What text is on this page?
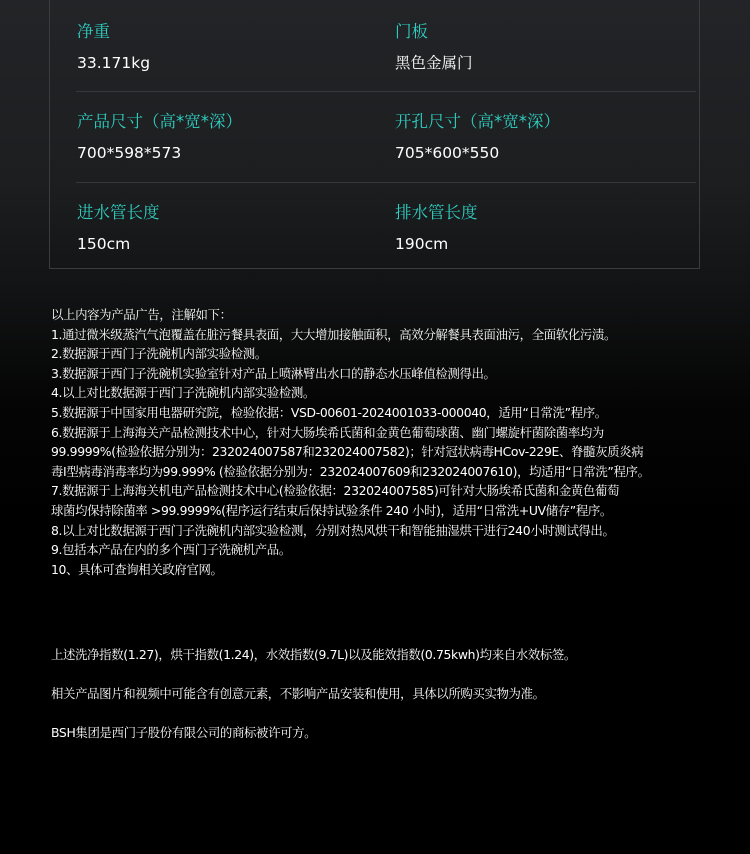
净重
33.171kg
门板
黑色金属门
产品尺寸（高*宽*深）
700*598*573
开孔尺寸（高*宽*深）
705*600*550
进水管长度
150cm
排水管长度
190cm
以上内容为产品广告，注解如下：
1.通过微米级蒸汽气泡覆盖在脏污餐具表面，大大增加接触面积，高效分解餐具表面油污，全面软化污渍。
2.数据源于西门子洗碗机内部实验检测。
3.数据源于西门子洗碗机实验室针对产品上喷淋臂出水口的静态水压峰值检测得出。
4.以上对比数据源于西门子洗碗机内部实验检测。
5.数据源于中国家用电器研究院，检验依据：VSD-00601-2024001033-000040，适用“日常洗”程序。
6.数据源于上海海关产品检测技术中心，针对大肠埃希氏菌和金黄色葡萄球菌、幽门螺旋杆菌除菌率均为
99.9999%(检验依据分别为：232024007587和232024007582)；针对冠状病毒HCov-229E、脊髓灰质炎病
毒I型病毒消毒率均为99.999% (检验依据分别为：232024007609和232024007610)，均适用“日常洗”程序。
7.数据源于上海海关机电产品检测技术中心(检验依据：232024007585)可针对大肠埃希氏菌和金黄色葡萄
球菌均保持除菌率 >99.9999%(程序运行结束后保持试验条件 240 小时)，适用“日常洗+UV储存”程序。
8.以上对比数据源于西门子洗碗机内部实验检测，分别对热风烘干和智能抽湿烘干进行240小时测试得出。
9.包括本产品在内的多个西门子洗碗机产品。
10、具体可查询相关政府官网。
上述洗净指数(1.27)，烘干指数(1.24)，水效指数(9.7L)以及能效指数(0.75kwh)均来自水效标签。
相关产品图片和视频中可能含有创意元素，不影响产品安装和使用，具体以所购买实物为准。
BSH集团是西门子股份有限公司的商标被许可方。
